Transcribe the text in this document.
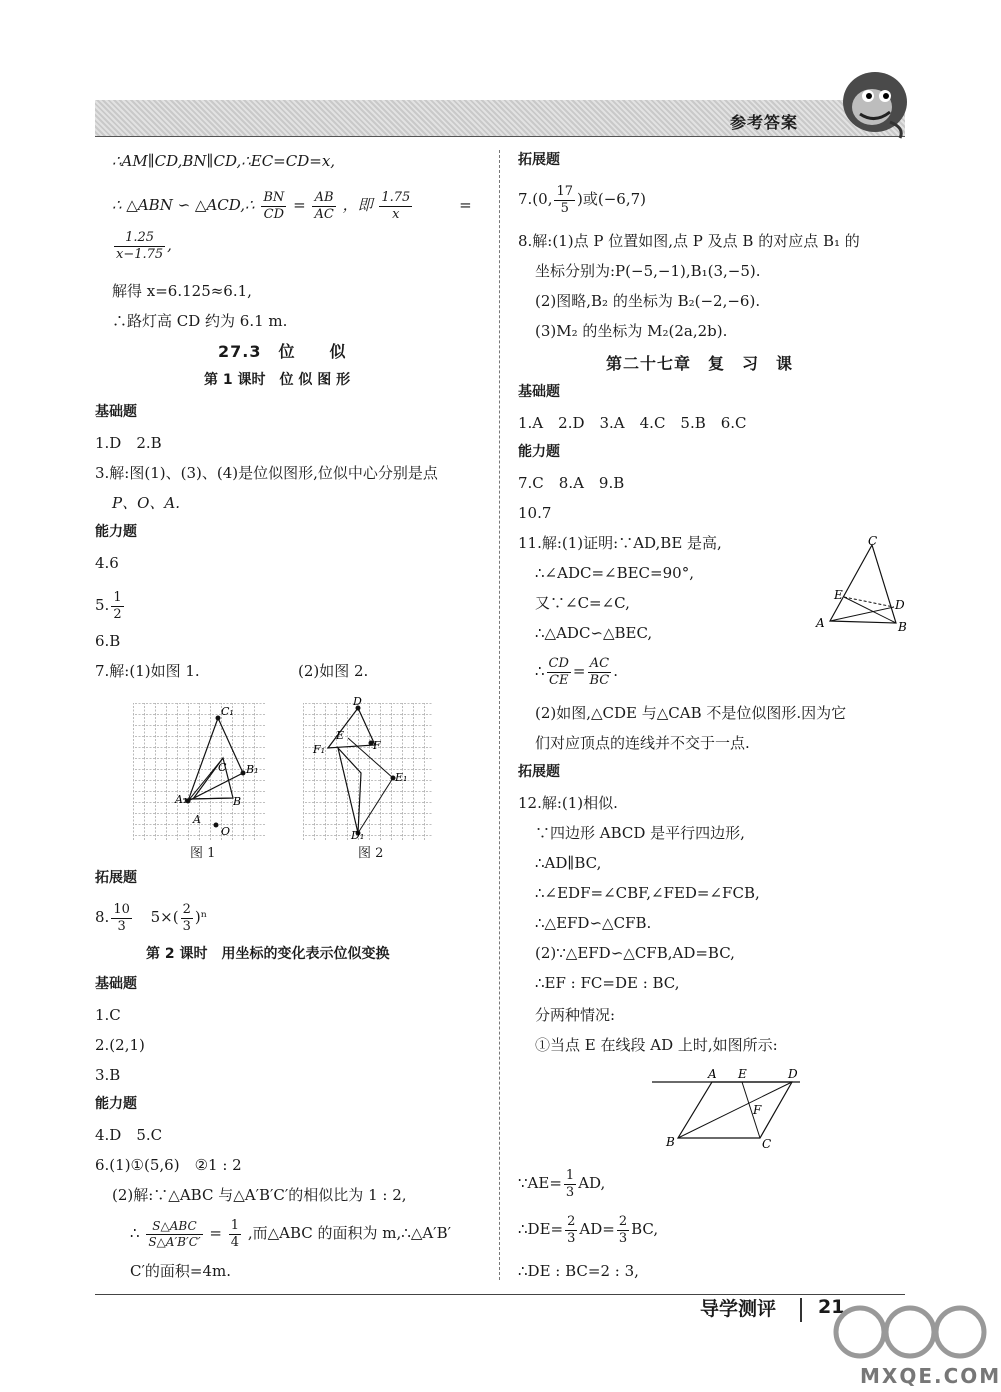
参考答案
∴AM∥CD,BN∥CD,∴EC=CD=x,
∴ △ABN ∽ △ACD,∴ $\frac{BN}{CD} = \frac{AB}{AC}$ ，即 $\frac{1.75}{x}$	=
$\frac{1.25}{x-1.75}$ ,
解得 x=6.125≈6.1,
∴路灯高 CD 约为 6.1 m.
27.3　位　　似
第 1 课时　位 似 图 形
基础题
1.D　2.B
3.解:图(1)、(3)、(4)是位似图形,位似中心分别是点
P、O、A.
能力题
4.6
5. $\frac{1}{2}$
6.B
7.解:(1)如图 1.	(2)如图 2.
C₁
B₁
C
B
A₁
A
O
图 1
D
E
F
F₁
E₁
D₁
图 2
拓展题
8. $\frac{10}{3} 5\times( \frac{2}{3} )^n$
第 2 课时　用坐标的变化表示位似变换
基础题
1.C
2.(2,1)
3.B
能力题
4.D　5.C
6.(1)①(5,6)　②1 : 2
(2)解:∵△ABC 与△A′B′C′的相似比为 1 : 2,
∴ $\frac{\text{S△ABC}}{S\triangle A'B'C'} = \frac{1}{4}$ ,而△ABC 的面积为 m,∴△A′B′
C′的面积=4m.
拓展题
7.(0, $\frac{17}{5}$ )或(−6,7)
8.解:(1)点 P 位置如图,点 P 及点 B 的对应点 B₁ 的
坐标分别为:P(−5,−1),B₁(3,−5).
(2)图略,B₂ 的坐标为 B₂(−2,−6).
(3)M₂ 的坐标为 M₂(2a,2b).
第二十七章　复　习　课
基础题
1.A　2.D　3.A　4.C　5.B　6.C
能力题
7.C　8.A　9.B
10.7
11.解:(1)证明:∵AD,BE 是高,
∴∠ADC=∠BEC=90°,
又∵∠C=∠C,
∴△ADC∽△BEC,
∴ $\frac{CD}{CE} = \frac{AC}{BC}$ .
C
E
D
A	B
(2)如图,△CDE 与△CAB 不是位似图形.因为它
们对应顶点的连线并不交于一点.
拓展题
12.解:(1)相似.
∵四边形 ABCD 是平行四边形,
∴AD∥BC,
∴∠EDF=∠CBF,∠FED=∠FCB,
∴△EFD∽△CFB.
(2)∵△EFD∽△CFB,AD=BC,
∴EF : FC=DE : BC,
分两种情况:
①当点 E 在线段 AD 上时,如图所示:
A E	D
F
B	C
∵AE= $\frac{1}{3}$ AD,
∴DE= $\frac{2}{3} AD= \frac{2}{3}$ BC,
∴DE : BC=2 : 3,
导学测评 21
MXQE.COM
